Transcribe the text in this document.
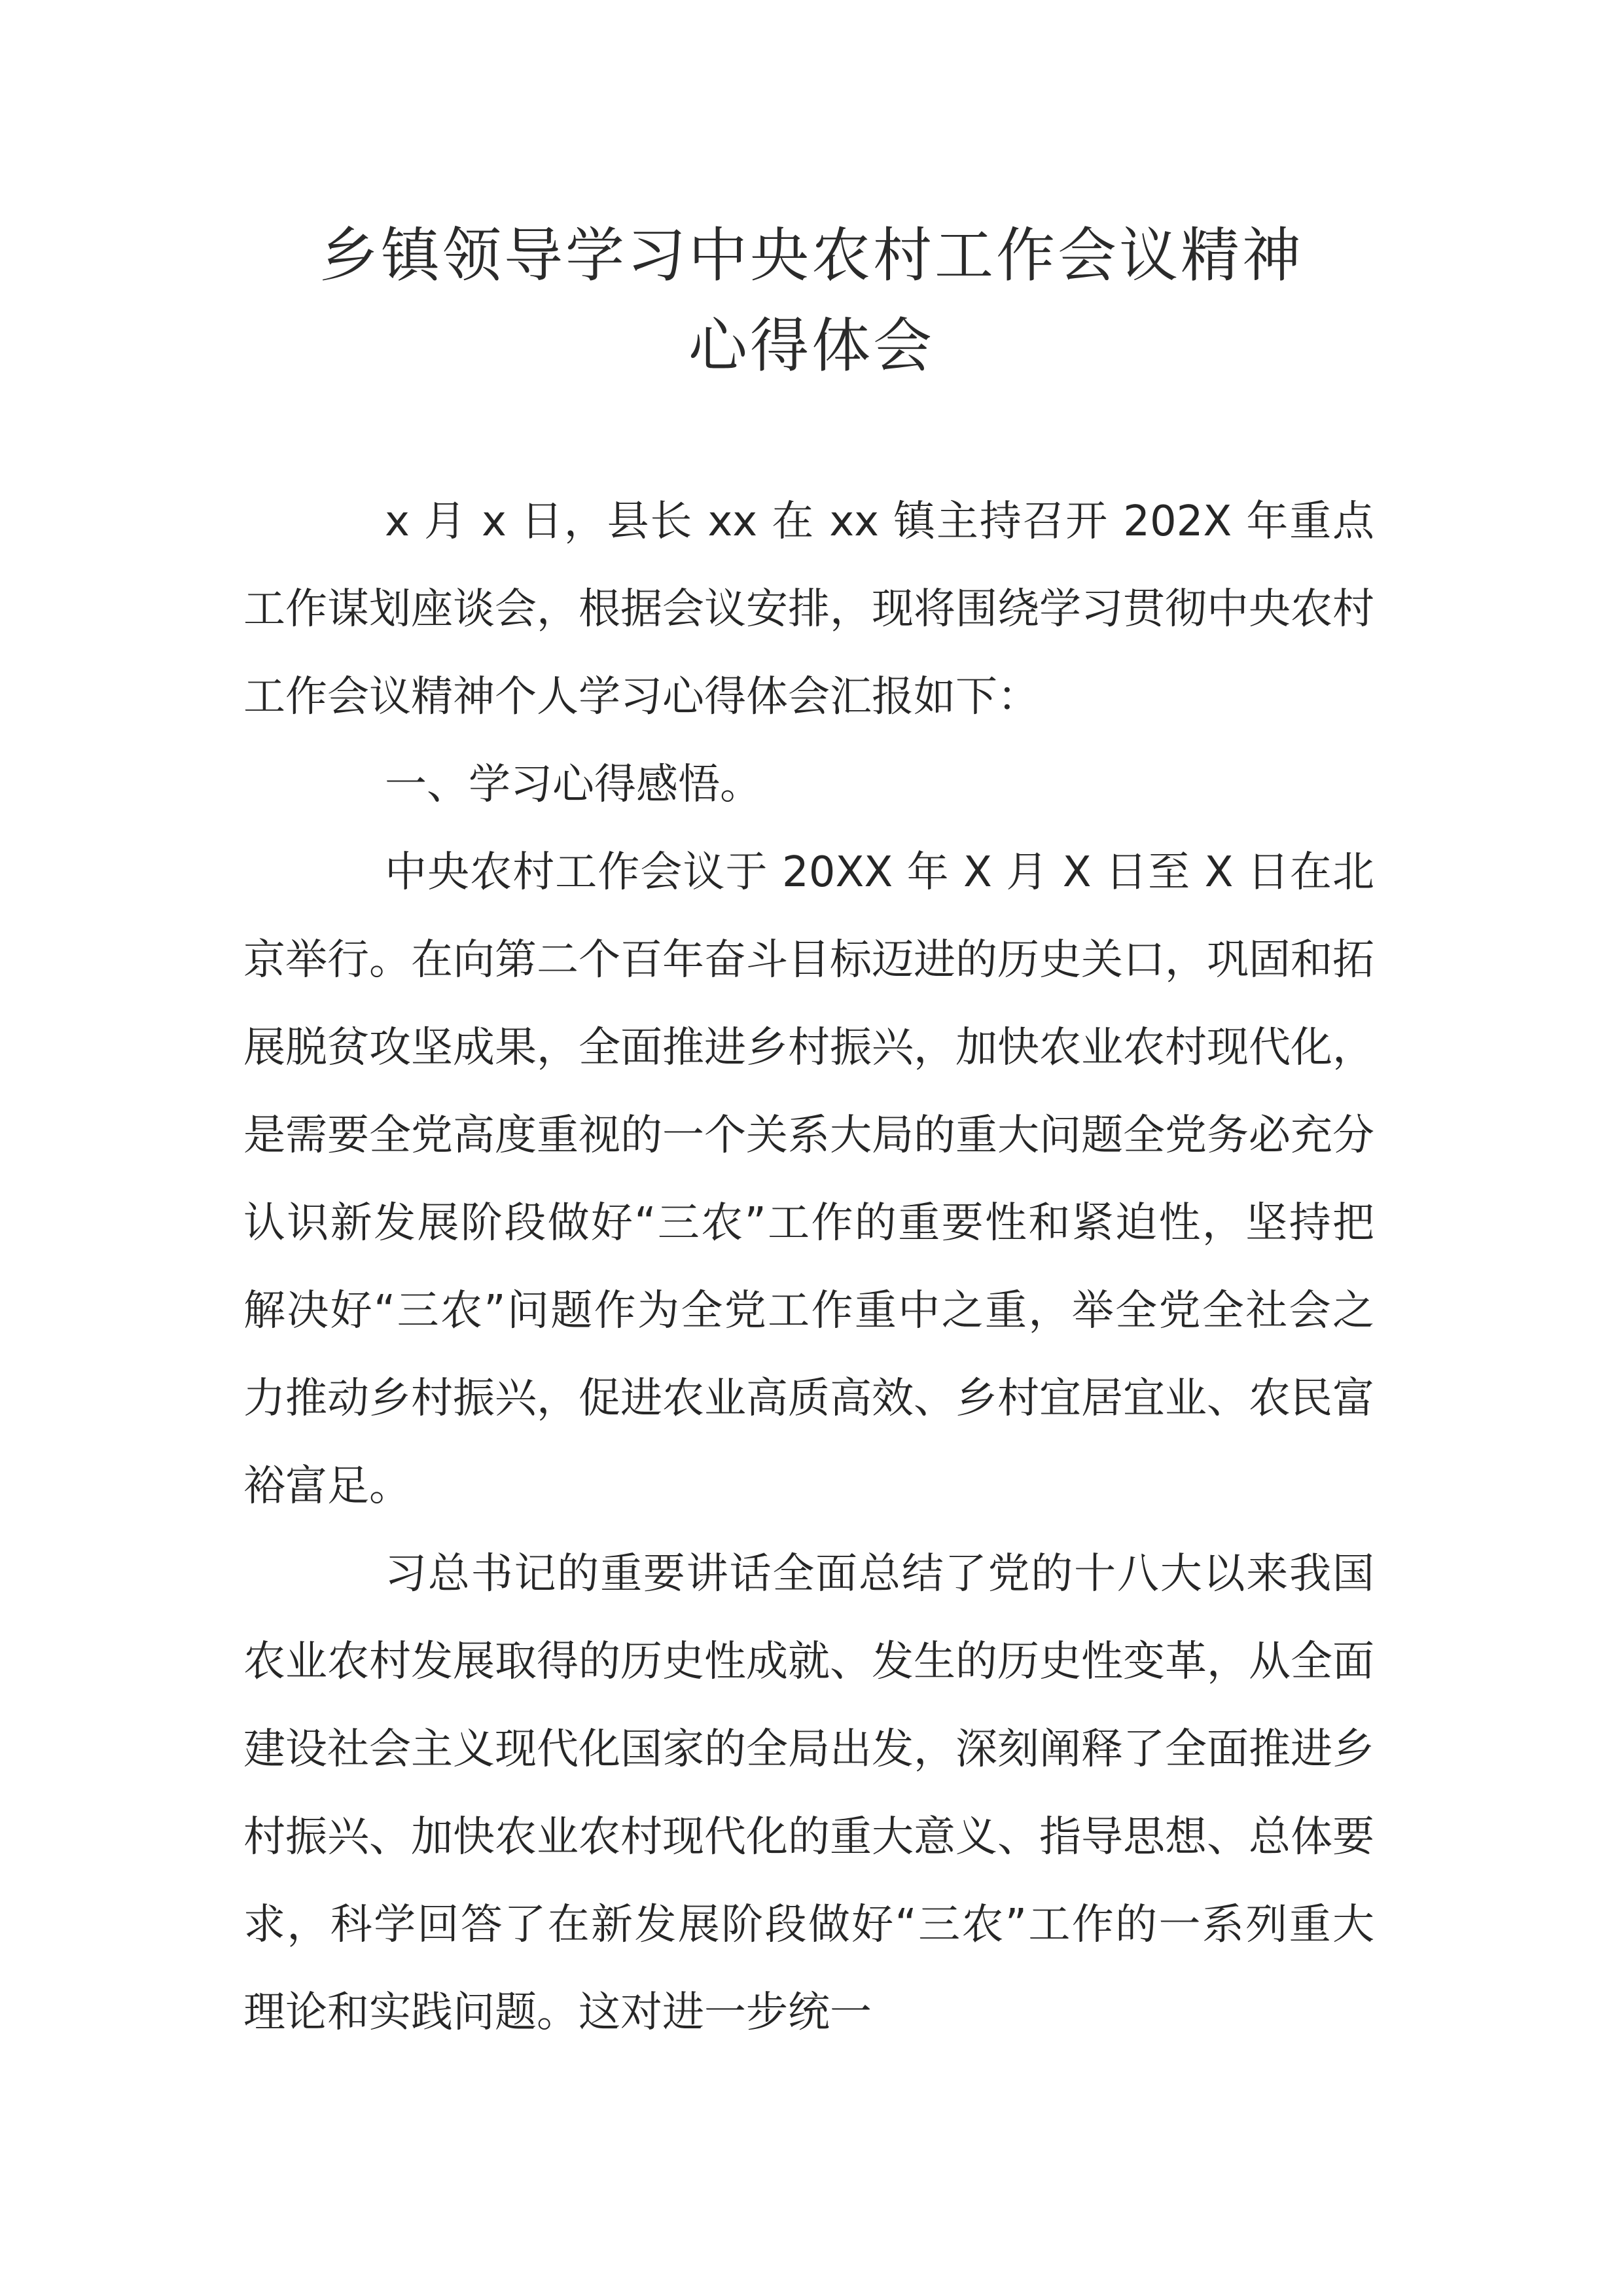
乡镇领导学习中央农村工作会议精神
心得体会

x 月 x 日，县长 xx 在 xx 镇主持召开 202X 年重点工作谋划座谈会，根据会议安排，现将围绕学习贯彻中央农村工作会议精神个人学习心得体会汇报如下：

一、学习心得感悟。

中央农村工作会议于 20XX 年 X 月 X 日至 X 日在北京举行。在向第二个百年奋斗目标迈进的历史关口，巩固和拓展脱贫攻坚成果，全面推进乡村振兴，加快农业农村现代化，是需要全党高度重视的一个关系大局的重大问题全党务必充分认识新发展阶段做好“三农”工作的重要性和紧迫性，坚持把解决好“三农”问题作为全党工作重中之重，举全党全社会之力推动乡村振兴，促进农业高质高效、乡村宜居宜业、农民富裕富足。

习总书记的重要讲话全面总结了党的十八大以来我国农业农村发展取得的历史性成就、发生的历史性变革，从全面建设社会主义现代化国家的全局出发，深刻阐释了全面推进乡村振兴、加快农业农村现代化的重大意义、指导思想、总体要求，科学回答了在新发展阶段做好“三农”工作的一系列重大理论和实践问题。这对进一步统一
